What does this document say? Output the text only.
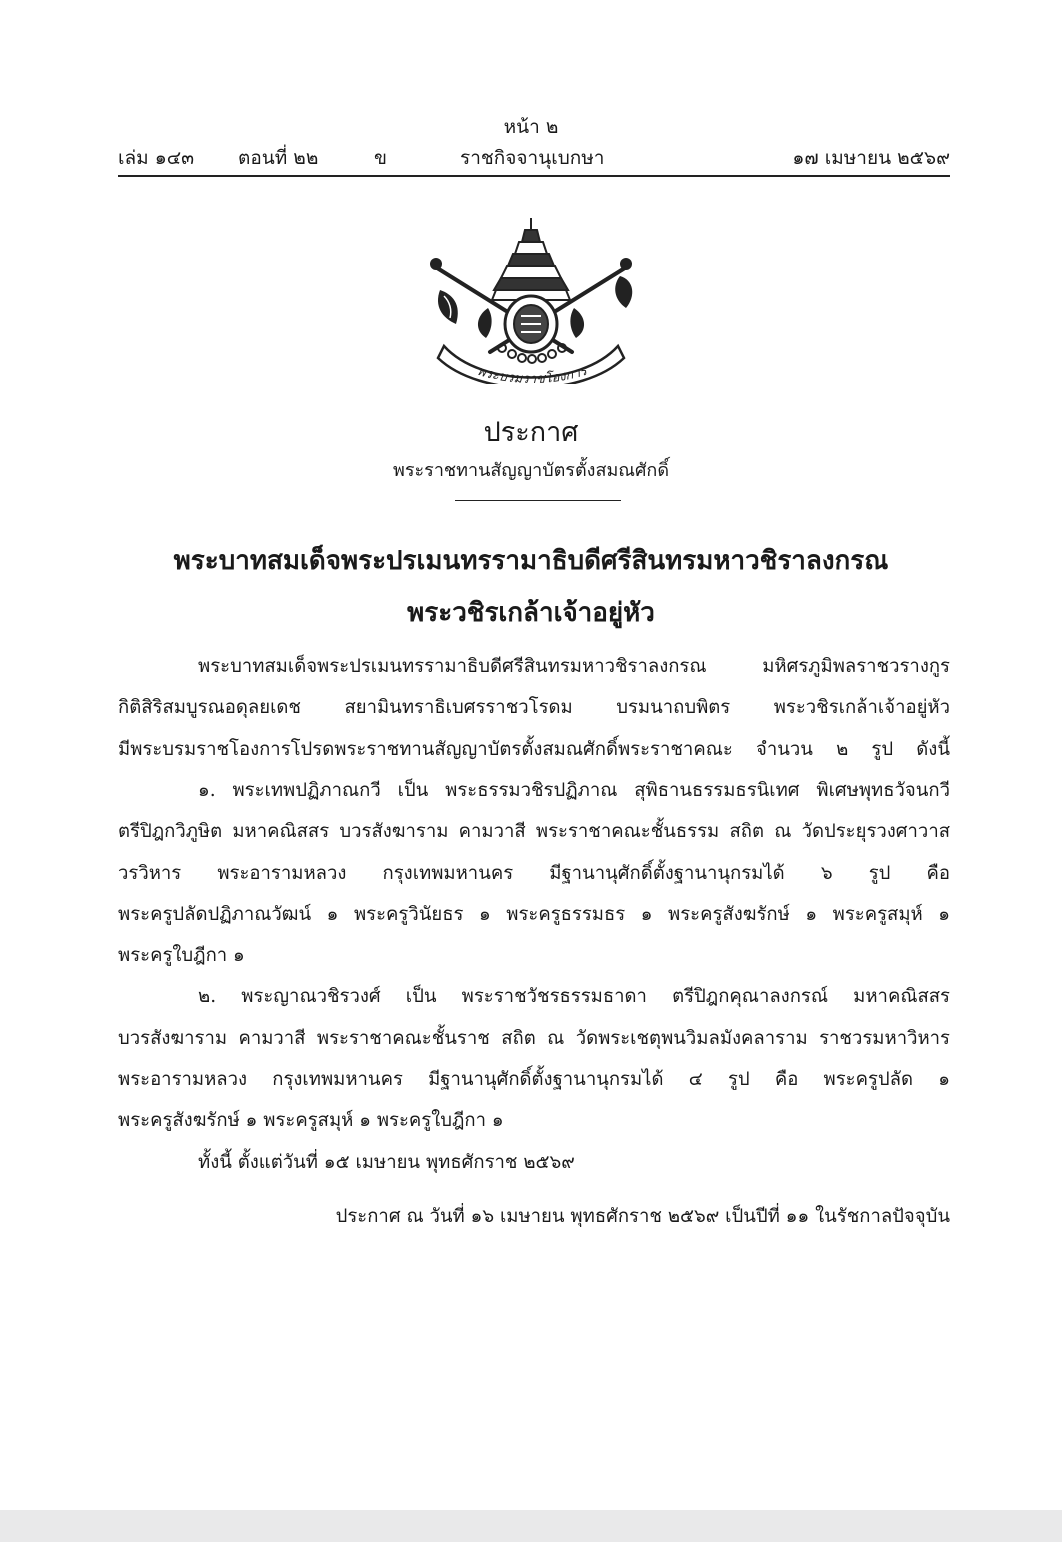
หน้า ๒
เล่ม ๑๔๓ ตอนที่ ๒๒	ข	ราชกิจจานุเบกษา	๑๗ เมษายน ๒๕๖๙
พระบรมราชโองการ
ประกาศ
พระราชทานสัญญาบัตรตั้งสมณศักดิ์
พระบาทสมเด็จพระปรเมนทรรามาธิบดีศรีสินทรมหาวชิราลงกรณ
พระวชิรเกล้าเจ้าอยู่หัว
พระบาทสมเด็จพระปรเมนทรรามาธิบดีศรีสินทรมหาวชิราลงกรณ มหิศรภูมิพลราชวรางกูร
กิติสิริสมบูรณอดุลยเดช สยามินทราธิเบศรราชวโรดม บรมนาถบพิตร พระวชิรเกล้าเจ้าอยู่หัว
มีพระบรมราชโองการโปรดพระราชทานสัญญาบัตรตั้งสมณศักดิ์พระราชาคณะ จำนวน ๒ รูป ดังนี้
๑. พระเทพปฏิภาณกวี เป็น พระธรรมวชิรปฏิภาณ สุพิธานธรรมธรนิเทศ พิเศษพุทธวัจนกวี
ตรีปิฎกวิภูษิต มหาคณิสสร บวรสังฆาราม คามวาสี พระราชาคณะชั้นธรรม สถิต ณ วัดประยุรวงศาวาส
วรวิหาร พระอารามหลวง กรุงเทพมหานคร มีฐานานุศักดิ์ตั้งฐานานุกรมได้ ๖ รูป คือ
พระครูปลัดปฏิภาณวัฒน์ ๑ พระครูวินัยธร ๑ พระครูธรรมธร ๑ พระครูสังฆรักษ์ ๑ พระครูสมุห์ ๑
พระครูใบฎีกา ๑
๒. พระญาณวชิรวงศ์ เป็น พระราชวัชรธรรมธาดา ตรีปิฎกคุณาลงกรณ์ มหาคณิสสร
บวรสังฆาราม คามวาสี พระราชาคณะชั้นราช สถิต ณ วัดพระเชตุพนวิมลมังคลาราม ราชวรมหาวิหาร
พระอารามหลวง กรุงเทพมหานคร มีฐานานุศักดิ์ตั้งฐานานุกรมได้ ๔ รูป คือ พระครูปลัด ๑
พระครูสังฆรักษ์ ๑ พระครูสมุห์ ๑ พระครูใบฎีกา ๑
ทั้งนี้ ตั้งแต่วันที่ ๑๕ เมษายน พุทธศักราช ๒๕๖๙
ประกาศ ณ วันที่ ๑๖ เมษายน พุทธศักราช ๒๕๖๙ เป็นปีที่ ๑๑ ในรัชกาลปัจจุบัน
